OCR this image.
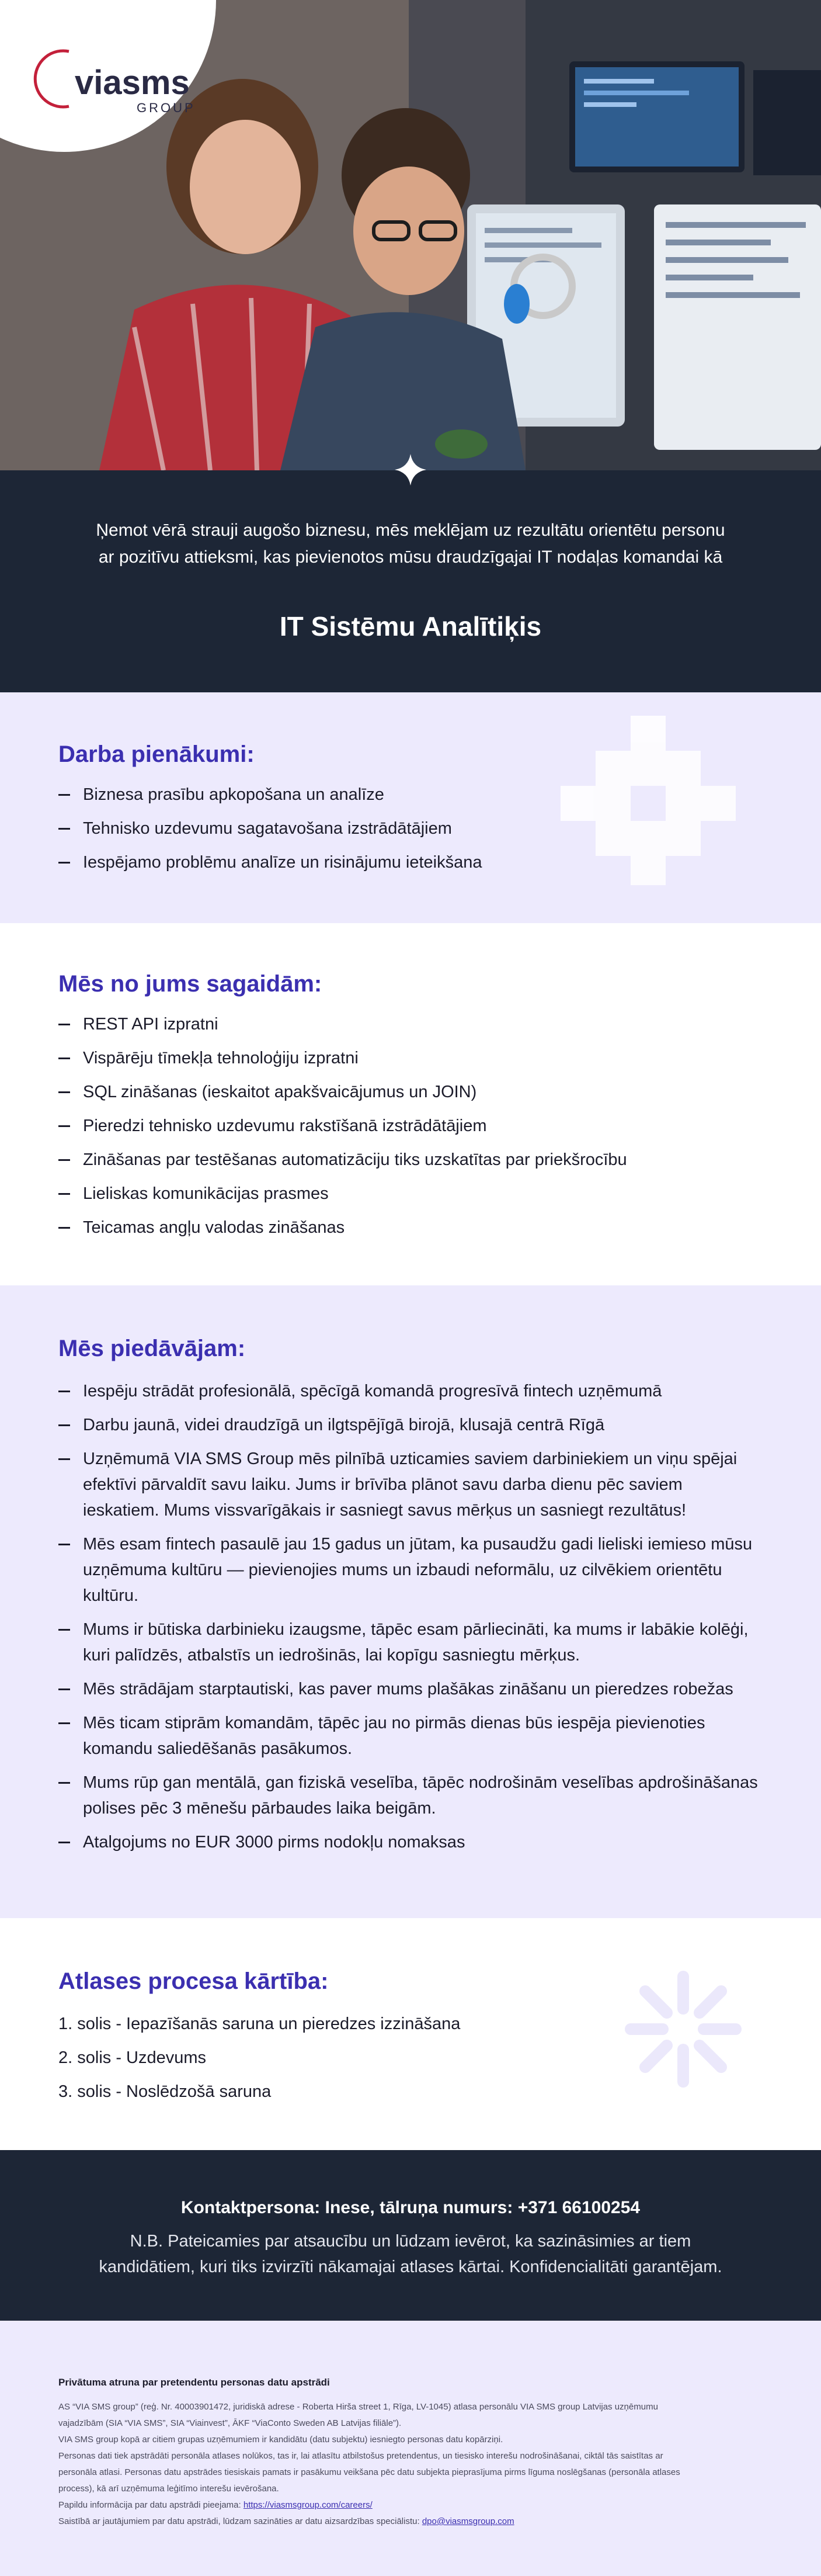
viasms
GROUP

Ņemot vērā strauji augošo biznesu, mēs meklējam uz rezultātu orientētu personu ar pozitīvu attieksmi, kas pievienotos mūsu draudzīgajai IT nodaļas komandai kā

IT Sistēmu Analītiķis
Darba pienākumi:
Biznesa prasību apkopošana un analīze
Tehnisko uzdevumu sagatavošana izstrādātājiem
Iespējamo problēmu analīze un risinājumu ieteikšana
Mēs no jums sagaidām:
REST API izpratni
Vispārēju tīmekļa tehnoloģiju izpratni
SQL zināšanas (ieskaitot apakšvaicājumus un JOIN)
Pieredzi tehnisko uzdevumu rakstīšanā izstrādātājiem
Zināšanas par testēšanas automatizāciju tiks uzskatītas par priekšrocību
Lieliskas komunikācijas prasmes
Teicamas angļu valodas zināšanas
Mēs piedāvājam:
Iespēju strādāt profesionālā, spēcīgā komandā progresīvā fintech uzņēmumā
Darbu jaunā, videi draudzīgā un ilgtspējīgā birojā, klusajā centrā Rīgā
Uzņēmumā VIA SMS Group mēs pilnībā uzticamies saviem darbiniekiem un viņu spējai efektīvi pārvaldīt savu laiku. Jums ir brīvība plānot savu darba dienu pēc saviem ieskatiem. Mums vissvarīgākais ir sasniegt savus mērķus un sasniegt rezultātus!
Mēs esam fintech pasaulē jau 15 gadus un jūtam, ka pusaudžu gadi lieliski iemieso mūsu uzņēmuma kultūru — pievienojies mums un izbaudi neformālu, uz cilvēkiem orientētu kultūru.
Mums ir būtiska darbinieku izaugsme, tāpēc esam pārliecināti, ka mums ir labākie kolēģi, kuri palīdzēs, atbalstīs un iedrošinās, lai kopīgu sasniegtu mērķus.
Mēs strādājam starptautiski, kas paver mums plašākas zināšanu un pieredzes robežas
Mēs ticam stiprām komandām, tāpēc jau no pirmās dienas būs iespēja pievienoties komandu saliedēšanās pasākumos.
Mums rūp gan mentālā, gan fiziskā veselība, tāpēc nodrošinām veselības apdrošināšanas polises pēc 3 mēnešu pārbaudes laika beigām.
Atalgojums no EUR 3000 pirms nodokļu nomaksas
Atlases procesa kārtība:
1. solis - Iepazīšanās saruna un pieredzes izzināšana
2. solis - Uzdevums
3. solis - Noslēdzošā saruna

Kontaktpersona: Inese, tālruņa numurs: +371 66100254

N.B. Pateicamies par atsaucību un lūdzam ievērot, ka sazināsimies ar tiem kandidātiem, kuri tiks izvirzīti nākamajai atlases kārtai. Konfidencialitāti garantējam.

Privātuma atruna par pretendentu personas datu apstrādi

AS “VIA SMS group” (reģ. Nr. 40003901472, juridiskā adrese - Roberta Hirša street 1, Rīga, LV-1045) atlasa personālu VIA SMS group Latvijas uzņēmumu vajadzībām (SIA “VIA SMS”, SIA “Viainvest”, ĀKF “ViaConto Sweden AB Latvijas filiāle”).

VIA SMS group kopā ar citiem grupas uzņēmumiem ir kandidātu (datu subjektu) iesniegto personas datu kopārziņi.

Personas dati tiek apstrādāti personāla atlases nolūkos, tas ir, lai atlasītu atbilstošus pretendentus, un tiesisko interešu nodrošināšanai, ciktāl tās saistītas ar personāla atlasi. Personas datu apstrādes tiesiskais pamats ir pasākumu veikšana pēc datu subjekta pieprasījuma pirms līguma noslēgšanas (personāla atlases process), kā arī uzņēmuma leģitīmo interešu ievērošana.

Papildu informācija par datu apstrādi pieejama: https://viasmsgroup.com/careers/

Saistībā ar jautājumiem par datu apstrādi, lūdzam sazināties ar datu aizsardzības speciālistu: dpo@viasmsgroup.com
